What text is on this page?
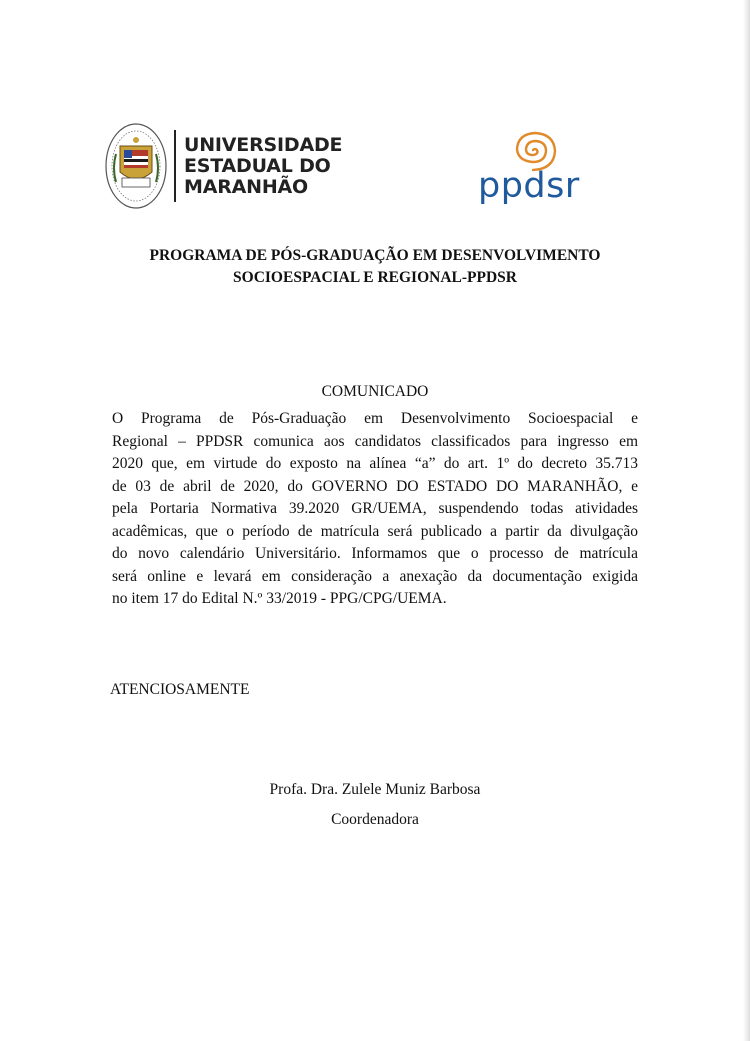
UNIVERSIDADE
ESTADUAL DO
MARANHÃO	ppdsr
PROGRAMA DE PÓS-GRADUAÇÃO EM DESENVOLVIMENTO
SOCIOESPACIAL E REGIONAL-PPDSR
COMUNICADO
O Programa de Pós-Graduação em Desenvolvimento Socioespacial e
Regional – PPDSR comunica aos candidatos classificados para ingresso em
2020 que, em virtude do exposto na alínea “a” do art. 1º do decreto 35.713
de 03 de abril de 2020, do GOVERNO DO ESTADO DO MARANHÃO, e
pela Portaria Normativa 39.2020 GR/UEMA, suspendendo todas atividades
acadêmicas, que o período de matrícula será publicado a partir da divulgação
do novo calendário Universitário. Informamos que o processo de matrícula
será online e levará em consideração a anexação da documentação exigida
no item 17 do Edital N.º 33/2019 - PPG/CPG/UEMA.
ATENCIOSAMENTE
Profa. Dra. Zulele Muniz Barbosa
Coordenadora
